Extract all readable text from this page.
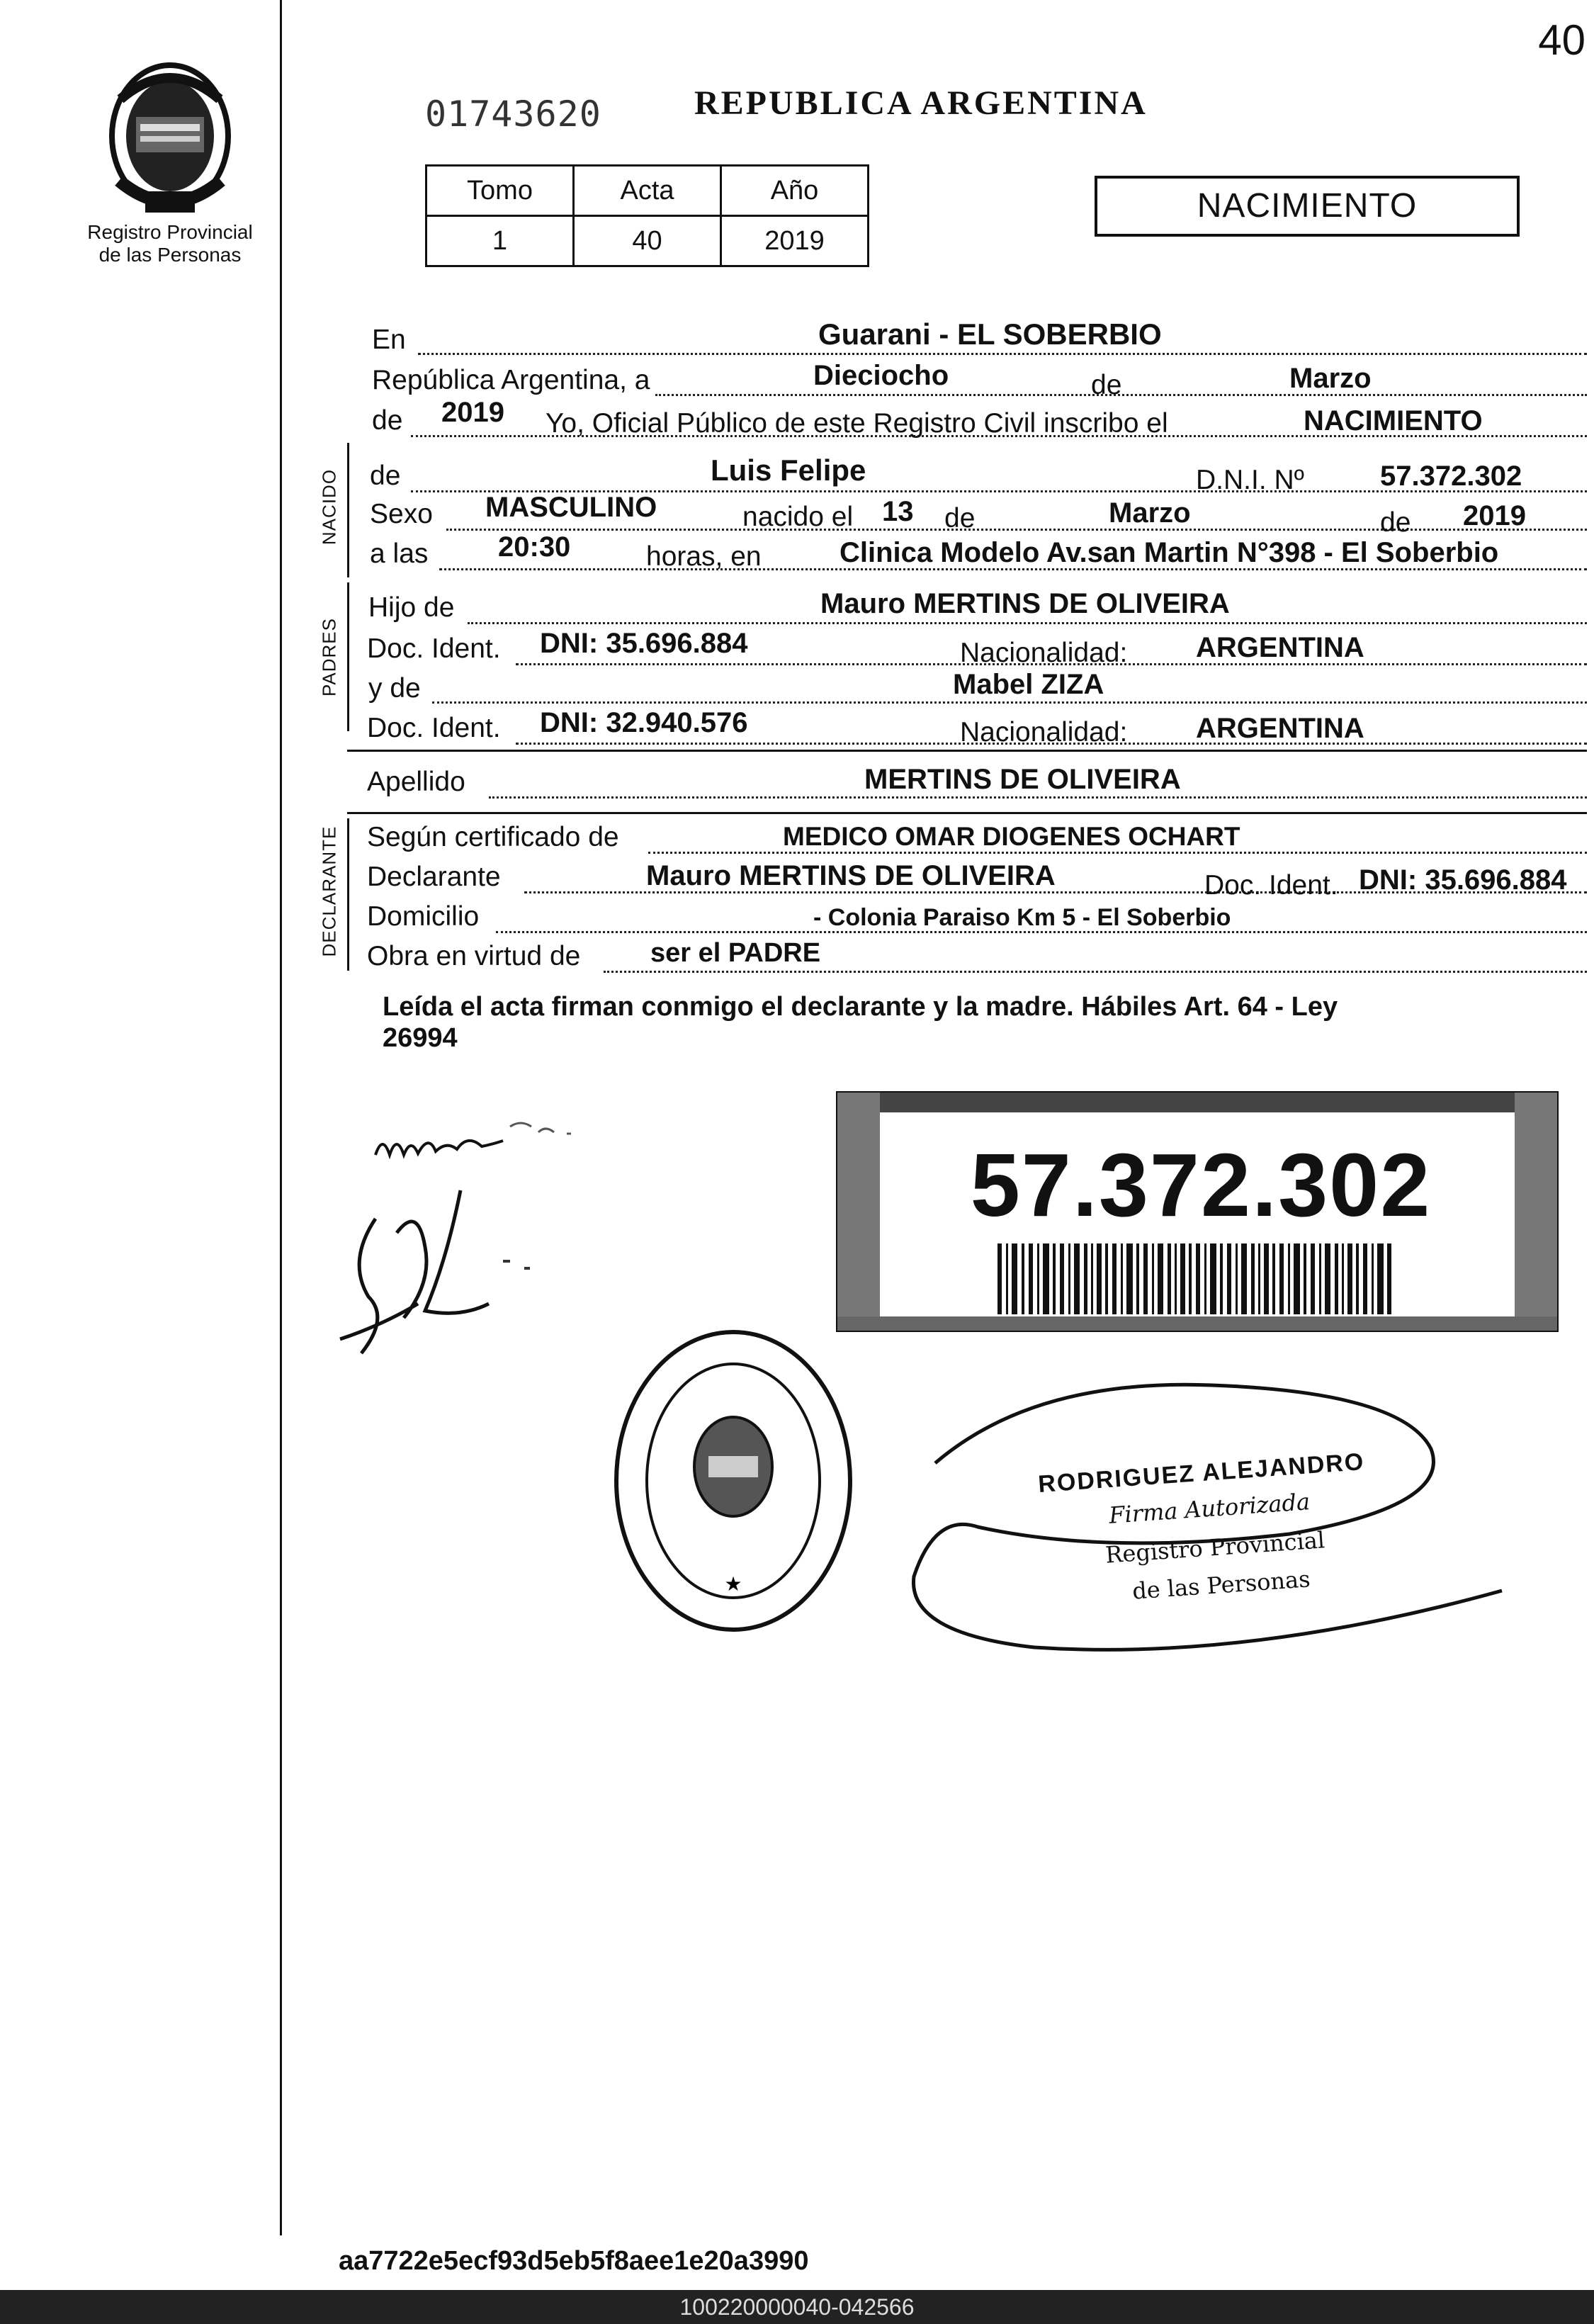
40
Registro Provincial
de las Personas
01743620	REPUBLICA ARGENTINA
Tomo	Acta	Año
1	40	2019
NACIMIENTO
En	Guarani - EL SOBERBIO
República Argentina, a	Dieciocho	de	Marzo
de 2019 Yo, Oficial Público de este Registro Civil inscribo el	NACIMIENTO
NACIDO de	Luis Felipe	D.N.I. Nº	57.372.302
Sexo MASCULINO	nacido el 13 de	Marzo	de 2019
a las 20:30	horas, en	Clinica Modelo Av.san Martin N°398 - El Soberbio
PADRES
Hijo de	Mauro MERTINS DE OLIVEIRA
Doc. Ident. DNI: 35.696.884	Nacionalidad: ARGENTINA
y de	Mabel ZIZA
Doc. Ident. DNI: 32.940.576	Nacionalidad: ARGENTINA
Apellido	MERTINS DE OLIVEIRA
DECLARANTE Según certificado de	MEDICO OMAR DIOGENES OCHART
Declarante	Mauro MERTINS DE OLIVEIRA	Doc. Ident. DNI: 35.696.884
Domicilio	- Colonia Paraiso Km 5 - El Soberbio
Obra en virtud de	ser el PADRE
Leída el acta firman conmigo el declarante y la madre. Hábiles Art. 64 - Ley
26994
57.372.302
★
RODRIGUEZ ALEJANDRO
Firma Autorizada
Registro Provincial
de las Personas
aa7722e5ecf93d5eb5f8aee1e20a3990
100220000040-042566
